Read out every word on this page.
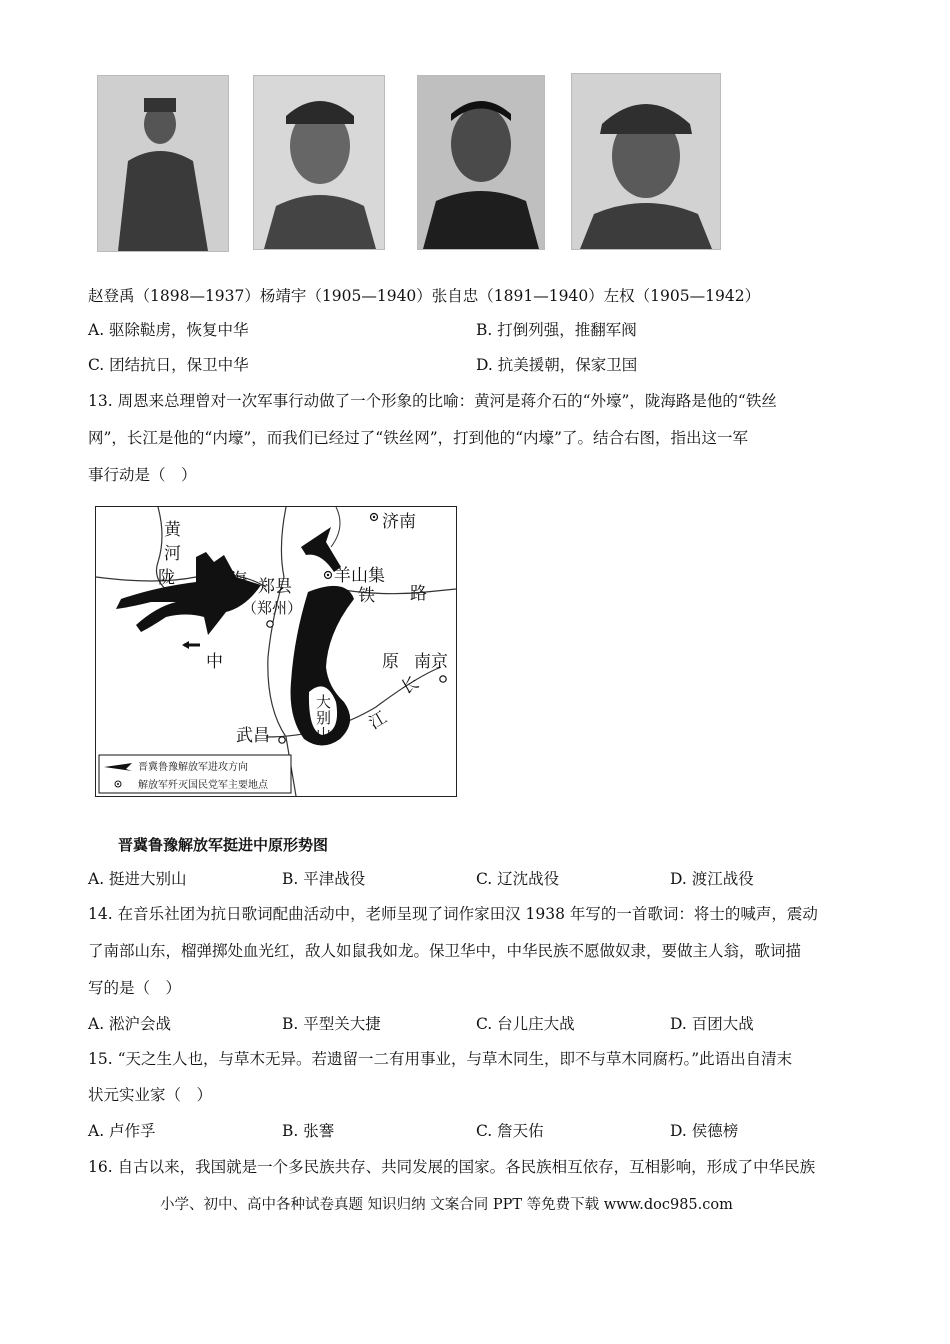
赵登禹（1898—1937）杨靖宇（1905—1940）张自忠（1891—1940）左权（1905—1942）
A. 驱除鞑虏，恢复中华	B. 打倒列强，推翻军阀
C. 团结抗日，保卫中华	D. 抗美援朝，保家卫国
13. 周恩来总理曾对一次军事行动做了一个形象的比喻：黄河是蒋介石的“外壕”，陇海路是他的“铁丝
网”，长江是他的“内壕”，而我们已经过了“铁丝网”，打到他的“内壕”了。结合右图，指出这一军
事行动是（　）
黄
河
陇	海 郑县
（郑州）
济南
羊山集
铁 路
中	原 南京
长
江
武昌
大
别
山
晋冀鲁豫解放军进攻方向
解放军歼灭国民党军主要地点
晋冀鲁豫解放军挺进中原形势图
A. 挺进大别山	B. 平津战役	C. 辽沈战役	D. 渡江战役
14. 在音乐社团为抗日歌词配曲活动中，老师呈现了词作家田汉 1938 年写的一首歌词：将士的喊声，震动
了南部山东，榴弹掷处血光红，敌人如鼠我如龙。保卫华中，中华民族不愿做奴隶，要做主人翁，歌词描
写的是（　）
A. 淞沪会战	B. 平型关大捷	C. 台儿庄大战	D. 百团大战
15. “天之生人也，与草木无异。若遗留一二有用事业，与草木同生，即不与草木同腐朽。”此语出自清末
状元实业家（　）
A. 卢作孚	B. 张謇	C. 詹天佑	D. 侯德榜
16. 自古以来，我国就是一个多民族共存、共同发展的国家。各民族相互依存，互相影响，形成了中华民族
小学、初中、高中各种试卷真题 知识归纳 文案合同 PPT 等免费下载 www.doc985.com
